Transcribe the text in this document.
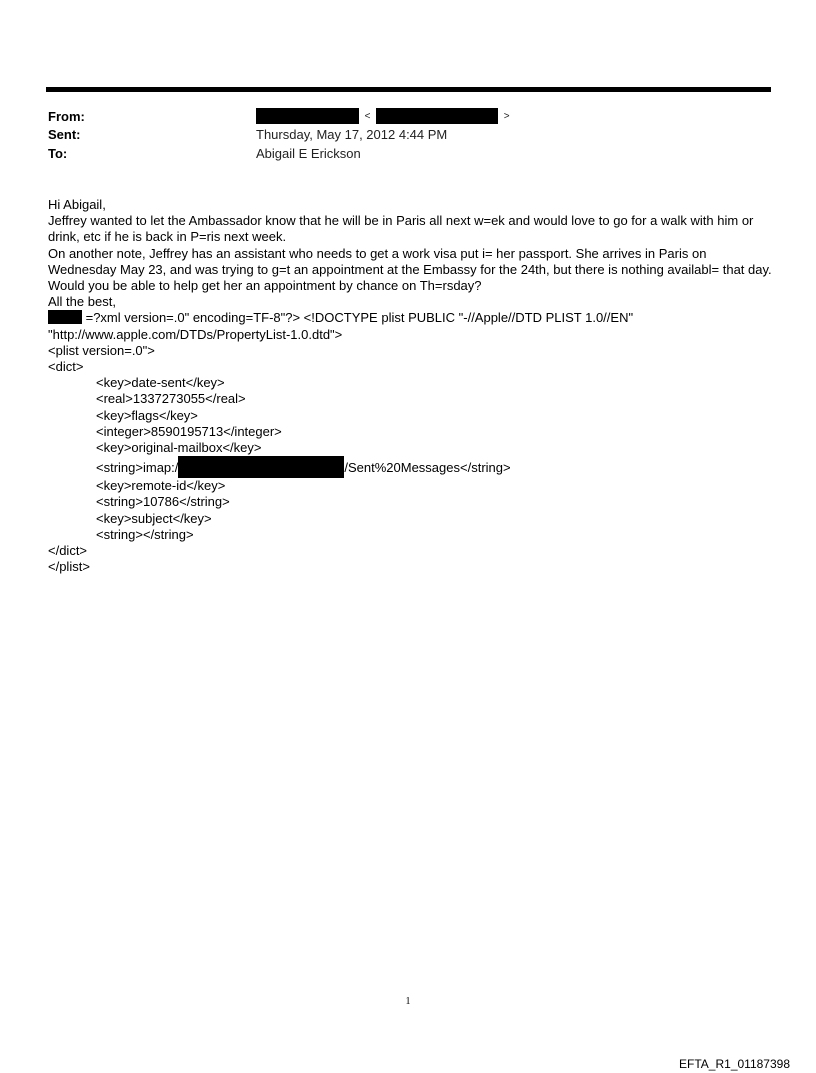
From:	<	>
Sent:	Thursday, May 17, 2012 4:44 PM
To:	Abigail E Erickson

Hi Abigail,

Jeffrey wanted to let the Ambassador know that he will be in Paris all next w=ek and would love to go for a walk with him or drink, etc if he is back in P=ris next week.

On another note, Jeffrey has an assistant who needs to get a work visa put i= her passport. She arrives in Paris on Wednesday May 23, and was trying to g=t an appointment at the Embassy for the 24th, but there is nothing availabl= that day. Would you be able to help get her an appointment by chance on Th=rsday?

All the best,

=?xml version=.0" encoding=TF-8"?> <!DOCTYPE plist PUBLIC "-//Apple//DTD PLIST 1.0//EN"

"http://www.apple.com/DTDs/PropertyList-1.0.dtd">

<plist version=.0">

<dict>

<key>date-sent</key>

<real>1337273055</real>

<key>flags</key>

<integer>8590195713</integer>

<key>original-mailbox</key>

<string>imap:/	/Sent%20Messages</string>

<key>remote-id</key>

<string>10786</string>

<key>subject</key>

<string></string>

</dict>

</plist>

1
EFTA_R1_01187398
